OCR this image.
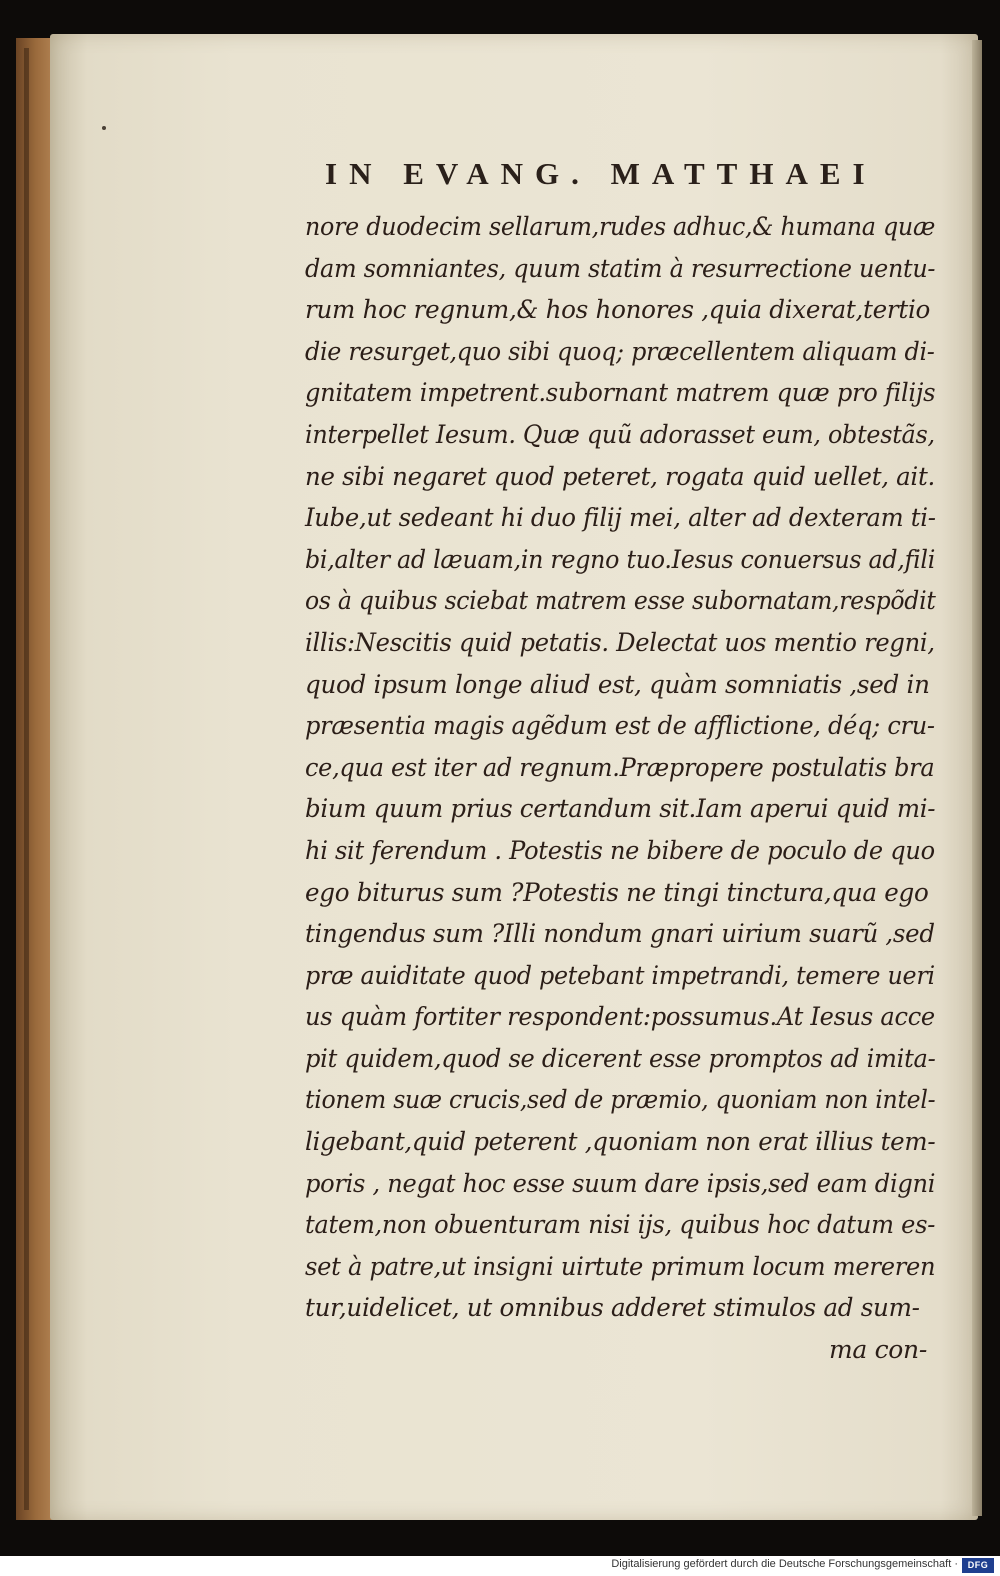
IN EVANG. MATTHAEI
nore duodecim sellarum,rudes adhuc,& humana quæ
dam somniantes, quum statim à resurrectione uentu-
rum hoc regnum,& hos honores ,quia dixerat,tertio
die resurget,quo sibi quoq; præcellentem aliquam di-
gnitatem impetrent.subornant matrem quæ pro filijs
interpellet Iesum. Quæ quũ adorasset eum, obtestãs,
ne sibi negaret quod peteret, rogata quid uellet, ait.
Iube,ut sedeant hi duo filij mei, alter ad dexteram ti-
bi,alter ad læuam,in regno tuo.Iesus conuersus ad,fili
os à quibus sciebat matrem esse subornatam,respõdit
illis:Nescitis quid petatis. Delectat uos mentio regni,
quod ipsum longe aliud est, quàm somniatis ,sed in
præsentia magis agẽdum est de afflictione, déq; cru-
ce,qua est iter ad regnum.Præpropere postulatis bra
bium quum prius certandum sit.Iam aperui quid mi-
hi sit ferendum . Potestis ne bibere de poculo de quo
ego biturus sum ?Potestis ne tingi tinctura,qua ego
tingendus sum ?Illi nondum gnari uirium suarũ ,sed
præ auiditate quod petebant impetrandi, temere ueri
us quàm fortiter respondent:possumus.At Iesus acce
pit quidem,quod se dicerent esse promptos ad imita-
tionem suæ crucis,sed de præmio, quoniam non intel-
ligebant,quid peterent ,quoniam non erat illius tem-
poris , negat hoc esse suum dare ipsis,sed eam digni
tatem,non obuenturam nisi ijs, quibus hoc datum es-
set à patre,ut insigni uirtute primum locum mereren
tur,uidelicet, ut omnibus adderet stimulos ad sum-
ma con-
Digitalisierung gefördert durch die Deutsche Forschungsgemeinschaft ·	DFG
